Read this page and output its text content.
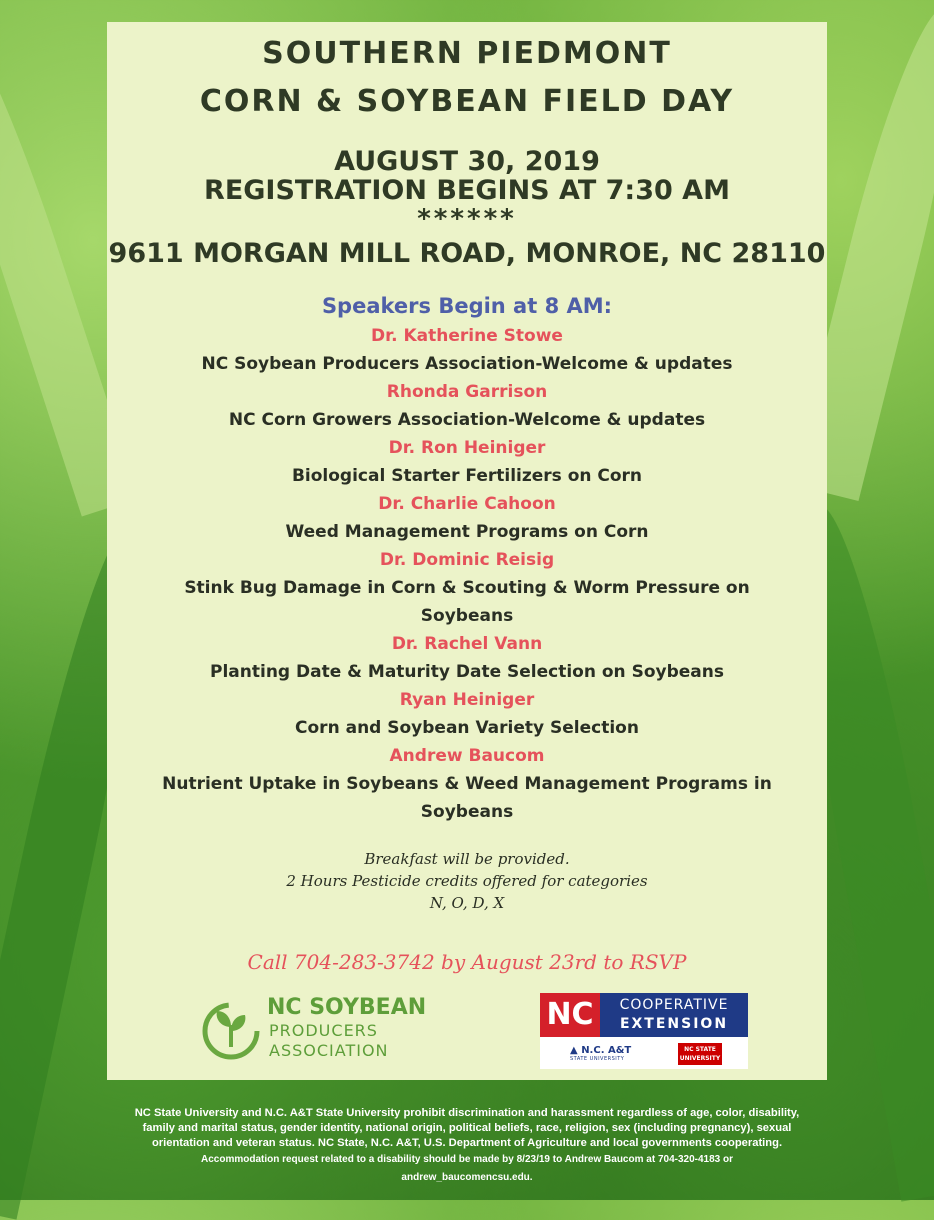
SOUTHERN PIEDMONT
CORN & SOYBEAN FIELD DAY
AUGUST 30, 2019
REGISTRATION BEGINS AT 7:30 AM
******
9611 MORGAN MILL ROAD, MONROE, NC 28110
Speakers Begin at 8 AM:
Dr. Katherine Stowe
NC Soybean Producers Association-Welcome & updates
Rhonda Garrison
NC Corn Growers Association-Welcome & updates
Dr. Ron Heiniger
Biological Starter Fertilizers on Corn
Dr. Charlie Cahoon
Weed Management Programs on Corn
Dr. Dominic Reisig
Stink Bug Damage in Corn & Scouting & Worm Pressure on
Soybeans
Dr. Rachel Vann
Planting Date & Maturity Date Selection on Soybeans
Ryan Heiniger
Corn and Soybean Variety Selection
Andrew Baucom
Nutrient Uptake in Soybeans & Weed Management Programs in
Soybeans
Breakfast will be provided.
2 Hours Pesticide credits offered for categories
N, O, D, X
Call 704-283-3742 by August 23rd to RSVP
NC SOYBEAN
PRODUCERS
ASSOCIATION
NC	COOPERATIVE
EXTENSION
▲ N.C. A&T
STATE UNIVERSITY
NC STATE
UNIVERSITY
NC State University and N.C. A&T State University prohibit discrimination and harassment regardless of age, color, disability,
family and marital status, gender identity, national origin, political beliefs, race, religion, sex (including pregnancy), sexual
orientation and veteran status. NC State, N.C. A&T, U.S. Department of Agriculture and local governments cooperating.
Accommodation request related to a disability should be made by 8/23/19 to Andrew Baucom at 704-320-4183 or
andrew_baucomencsu.edu.
